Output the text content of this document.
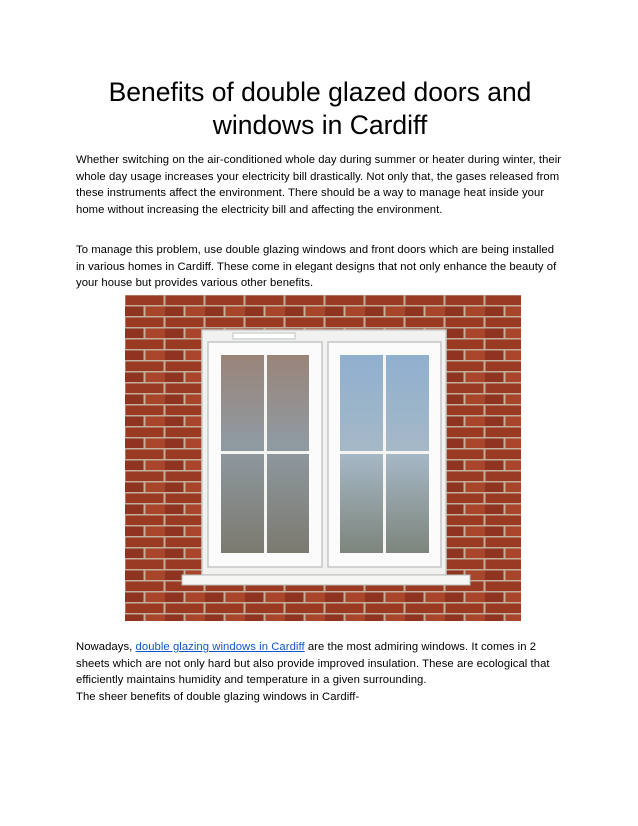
Benefits of double glazed doors and windows in Cardiff

Whether switching on the air-conditioned whole day during summer or heater during winter, their whole day usage increases your electricity bill drastically. Not only that, the gases released from these instruments affect the environment. There should be a way to manage heat inside your home without increasing the electricity bill and affecting the environment.

To manage this problem, use double glazing windows and front doors which are being installed in various homes in Cardiff. These come in elegant designs that not only enhance the beauty of your house but provides various other benefits.

Nowadays, double glazing windows in Cardiff are the most admiring windows. It comes in 2 sheets which are not only hard but also provide improved insulation. These are ecological that efficiently maintains humidity and temperature in a given surrounding.

The sheer benefits of double glazing windows in Cardiff-
